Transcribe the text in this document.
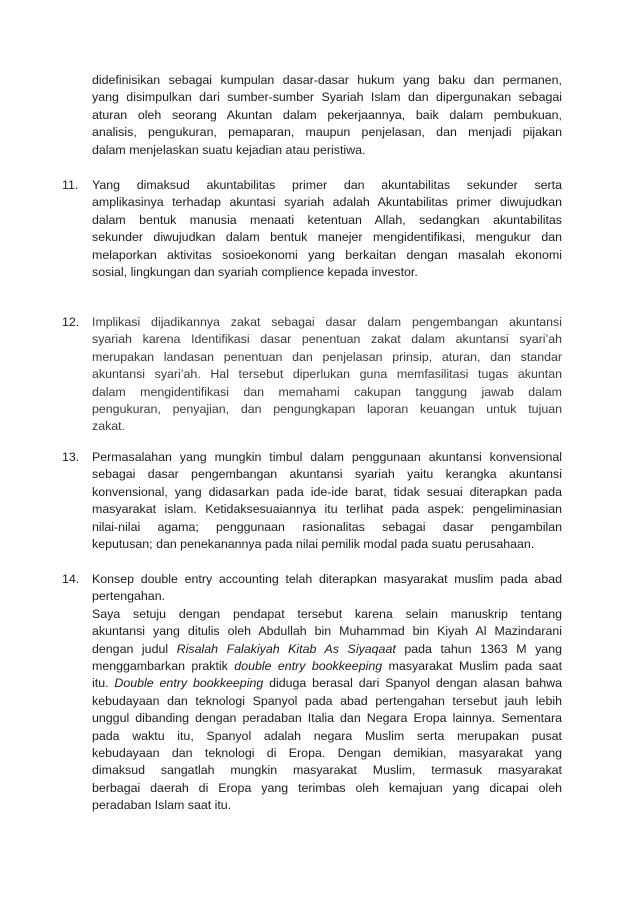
didefinisikan sebagai kumpulan dasar-dasar hukum yang baku dan permanen,
yang disimpulkan dari sumber-sumber Syariah Islam dan dipergunakan sebagai
aturan oleh seorang Akuntan dalam pekerjaannya, baik dalam pembukuan,
analisis, pengukuran, pemaparan, maupun penjelasan, dan menjadi pijakan
dalam menjelaskan suatu kejadian atau peristiwa.
11.	Yang dimaksud akuntabilitas primer dan akuntabilitas sekunder serta
amplikasinya terhadap akuntasi syariah adalah Akuntabilitas primer diwujudkan
dalam bentuk manusia menaati ketentuan Allah, sedangkan akuntabilitas
sekunder diwujudkan dalam bentuk manejer mengidentifikasi, mengukur dan
melaporkan aktivitas sosioekonomi yang berkaitan dengan masalah ekonomi
sosial, lingkungan dan syariah complience kepada investor.
12.	Implikasi dijadikannya zakat sebagai dasar dalam pengembangan akuntansi
syariah karena Identifikasi dasar penentuan zakat dalam akuntansi syari’ah
merupakan landasan penentuan dan penjelasan prinsip, aturan, dan standar
akuntansi syari’ah. Hal tersebut diperlukan guna memfasilitasi tugas akuntan
dalam mengidentifikasi dan memahami cakupan tanggung jawab dalam
pengukuran, penyajian, dan pengungkapan laporan keuangan untuk tujuan
zakat.
13.	Permasalahan yang mungkin timbul dalam penggunaan akuntansi konvensional
sebagai dasar pengembangan akuntansi syariah yaitu kerangka akuntansi
konvensional, yang didasarkan pada ide-ide barat, tidak sesuai diterapkan pada
masyarakat islam. Ketidaksesuaiannya itu terlihat pada aspek: pengeliminasian
nilai-nilai agama; penggunaan rasionalitas sebagai dasar pengambilan
keputusan; dan penekanannya pada nilai pemilik modal pada suatu perusahaan.
14.	Konsep double entry accounting telah diterapkan masyarakat muslim pada abad
pertengahan.
Saya setuju dengan pendapat tersebut karena selain manuskrip tentang
akuntansi yang ditulis oleh Abdullah bin Muhammad bin Kiyah Al Mazindarani
dengan judul Risalah Falakiyah Kitab As Siyaqaat pada tahun 1363 M yang
menggambarkan praktik double entry bookkeeping masyarakat Muslim pada saat
itu. Double entry bookkeeping diduga berasal dari Spanyol dengan alasan bahwa
kebudayaan dan teknologi Spanyol pada abad pertengahan tersebut jauh lebih
unggul dibanding dengan peradaban Italia dan Negara Eropa lainnya. Sementara
pada waktu itu, Spanyol adalah negara Muslim serta merupakan pusat
kebudayaan dan teknologi di Eropa. Dengan demikian, masyarakat yang
dimaksud sangatlah mungkin masyarakat Muslim, termasuk masyarakat
berbagai daerah di Eropa yang terimbas oleh kemajuan yang dicapai oleh
peradaban Islam saat itu.
